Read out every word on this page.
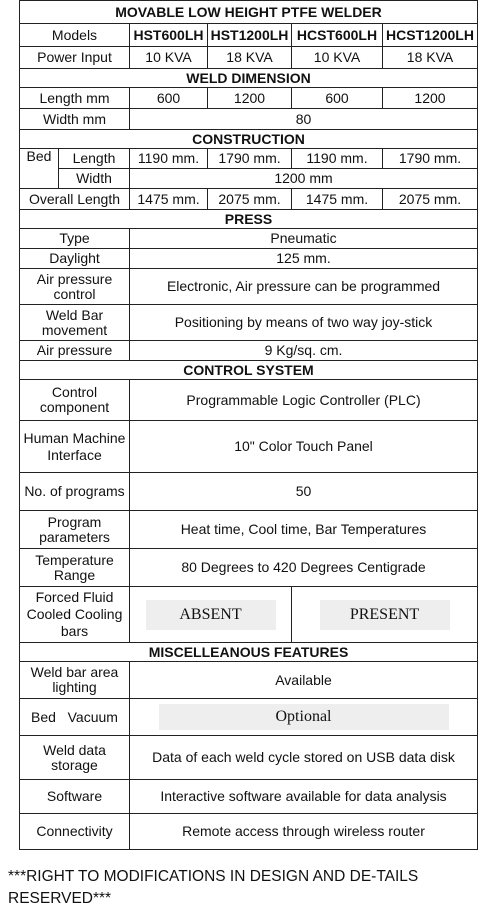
MOVABLE LOW HEIGHT PTFE WELDER					
Models		HST600LH	HST1200LH	HCST600LH	HCST1200LH
Power Input		10 KVA	18 KVA	10 KVA	18 KVA
WELD DIMENSION					
Length mm		600	1200	600	1200
Width mm		80			
CONSTRUCTION					
Bed	Length	1190 mm.	1790 mm.	1190 mm.	1790 mm.
	Width	1200 mm			
Overall Length		1475 mm.	2075 mm.	1475 mm.	2075 mm.
PRESS					
Type		Pneumatic			
Daylight		125 mm.			
Air pressure control		Electronic, Air pressure can be programmed			
Weld Bar movement		Positioning by means of two way joy-stick			
Air pressure		9 Kg/sq. cm.			
CONTROL SYSTEM					
Control component		Programmable Logic Controller (PLC)			
Human Machine Interface		10" Color Touch Panel			
No. of programs		50			
Program parameters		Heat time, Cool time, Bar Temperatures			
Temperature Range		80 Degrees to 420 Degrees Centigrade			
Forced Fluid Cooled Cooling bars		ABSENT		PRESENT	
MISCELLEANOUS FEATURES					
Weld bar area lighting		Available			
Bed   Vacuum		Optional			
Weld data storage		Data of each weld cycle stored on USB data disk			
Software		Interactive software available for data analysis			
Connectivity		Remote access through wireless router			
***RIGHT TO MODIFICATIONS IN DESIGN AND DE-TAILS RESERVED***
